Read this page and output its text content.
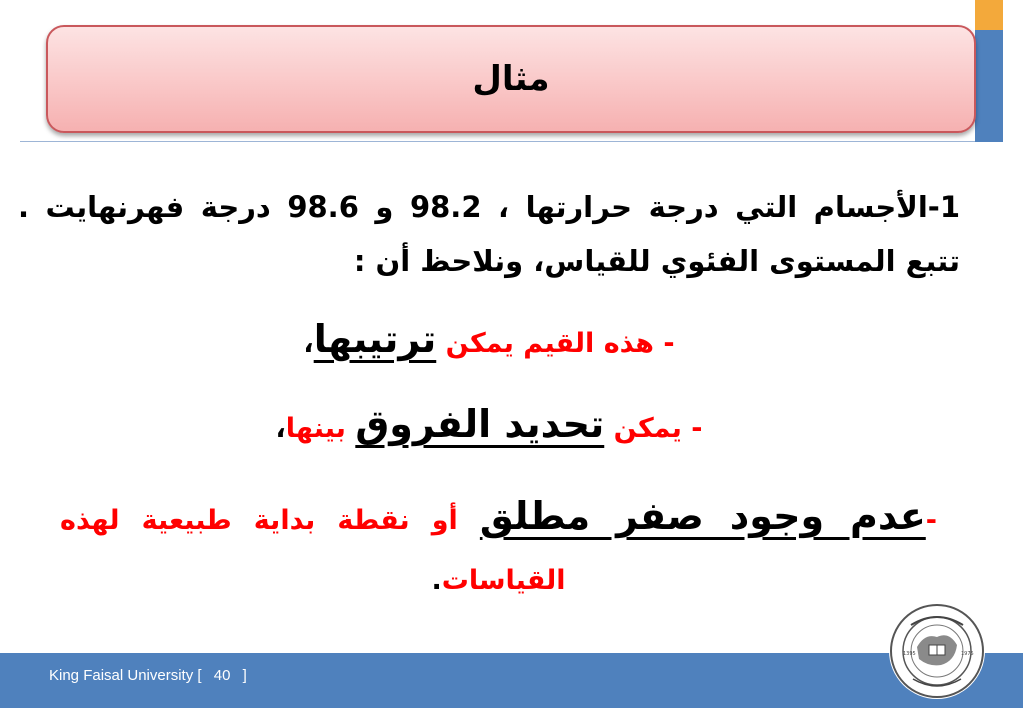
مثال
1-الأجسام التي درجة حرارتها ، 98.2 و 98.6 درجة فهرنهايت . تتبع المستوى الفئوي للقياس، ونلاحظ أن :
- هذه القيم يمكن ترتيبها،
- يمكن تحديد الفروق بينها،
-عدم وجود صفر مطلق أو نقطة بداية طبيعية لهذه القياسات.
King Faisal University [ 40 ]
1395	1975
